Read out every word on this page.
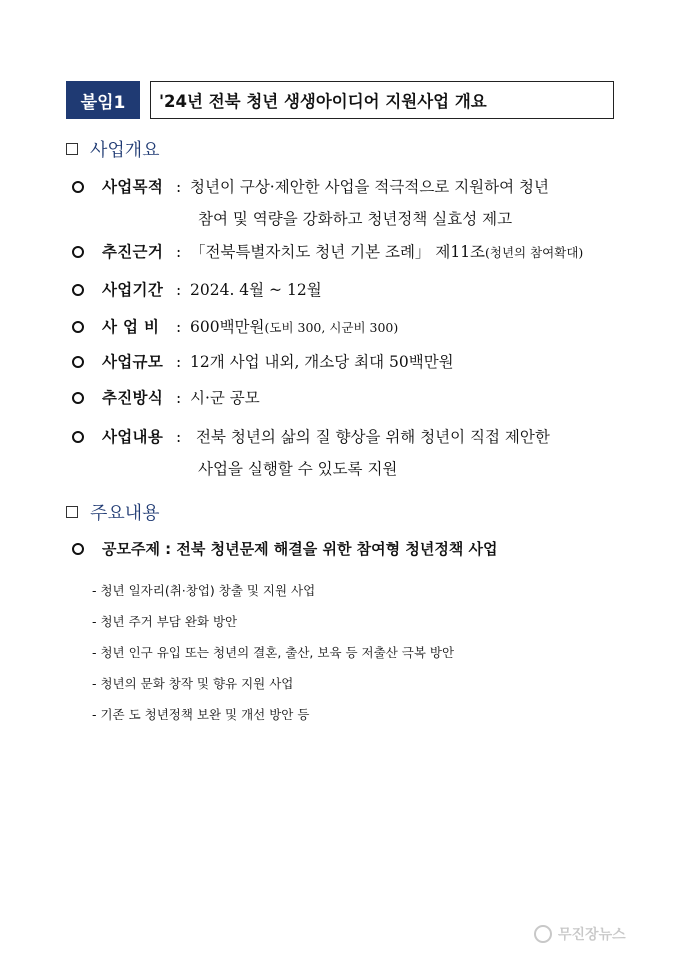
붙임1	'24년 전북 청년 생생아이디어 지원사업 개요
사업개요
사업목적 : 청년이 구상·제안한 사업을 적극적으로 지원하여 청년
참여 및 역량을 강화하고 청년정책 실효성 제고
추진근거 : 「전북특별자치도 청년 기본 조례」 제11조(청년의 참여확대)
사업기간 : 2024. 4월 ~ 12월
사 업 비 : 600백만원(도비 300, 시군비 300)
사업규모 : 12개 사업 내외, 개소당 최대 50백만원
추진방식 : 시·군 공모
사업내용 : 전북 청년의 삶의 질 향상을 위해 청년이 직접 제안한
사업을 실행할 수 있도록 지원
주요내용
공모주제 : 전북 청년문제 해결을 위한 참여형 청년정책 사업
- 청년 일자리(취·창업) 창출 및 지원 사업
- 청년 주거 부담 완화 방안
- 청년 인구 유입 또는 청년의 결혼, 출산, 보육 등 저출산 극복 방안
- 청년의 문화 창작 및 향유 지원 사업
- 기존 도 청년정책 보완 및 개선 방안 등
무진장뉴스
